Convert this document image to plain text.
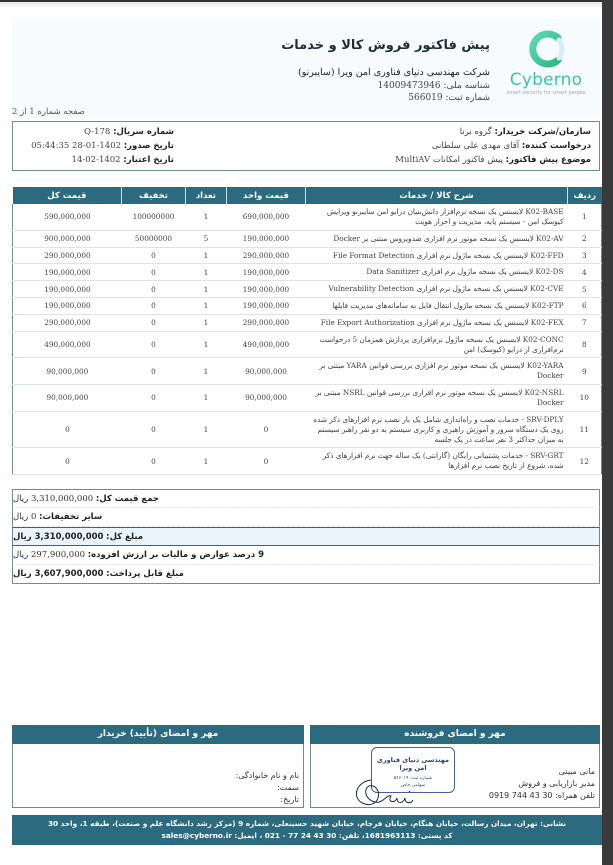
Cyberno
smart security for smart people
پیش فاکتور فروش کالا و خدمات
شرکت مهندسی دنیای فناوری امن ویرا (سایبرنو)
شناسه ملی: 14009473946
شماره ثبت: 566019
صفحه شماره 1 از 2
سازمان/شرکت خریدار: گروه برنا
درخواست کننده: آقای مهدی علی سلطانی
موضوع پیش فاکتور: پیش فاکتور امکانات MultiAV
شماره سریال: Q-178
تاریخ صدور: 1402-01-28 05:44:35
تاریخ اعتبار: 1402-02-14
ردیف	شرح کالا / خدمات	قیمت واحد	تعداد	تخفیف	قیمت کل
1	K02-BASE لایسنس یک نسخه نرم‌افزار دانش‌بنیان درایو امن سایبرنو ویرایش کیوسک امن - سیستم پایه، مدیریت و احراز هویت	690,000,000	1	100000000	590,000,000
2	K02-AV لایسنس یک نسخه موتور نرم افزاری ضدویروس مبتنی بر Docker	190,000,000	5	50000000	900,000,000
3	K02-FFD لایسنس یک نسخه ماژول نرم افزاری File Format Detection	290,000,000	1	0	290,000,000
4	K02-DS لایسنس یک نسخه ماژول نرم افزاری Data Sanitizer	190,000,000	1	0	190,000,000
5	K02-CVE لایسنس یک نسخه ماژول نرم افزاری Vulnerability Detection	190,000,000	1	0	190,000,000
6	K02-FTP لایسنس یک نسخه ماژول انتقال فایل به سامانه‌های مدیریت فایلها	190,000,000	1	0	190,000,000
7	K02-FEX لایسنس یک نسخه ماژول نرم افزاری File Export Authorization	290,000,000	1	0	290,000,000
8	K02-CONC لایسنس یک نسخه ماژول نرم‌افزاری پردازش همزمان 5 درخواست نرم‌افزاری از درایو (کیوسک) امن	490,000,000	1	0	490,000,000
9	K02-YARA لایسنس یک نسخه موتور نرم افزاری بررسی قوانین YARA مبتنی بر Docker	90,000,000	1	0	90,000,000
10	K02-NSRL لایسنس یک نسخه موتور نرم افزاری بررسی قوانین NSRL مبتنی بر Docker	90,000,000	1	0	90,000,000
11	SRV-DPLY - خدمات نصب و راه‌اندازی شامل یک بار نصب نرم افزارهای ذکر شده روی یک دستگاه سرور و آموزش راهبری و کاربری سیستم به دو نفر راهبر سیستم به میزان حداکثر 3 نفر ساعت در یک جلسه	0	1	0	0
12	SRV-GRT - خدمات پشتیبانی رایگان (گارانتی) یک ساله جهت نرم افزارهای ذکر شده، شروع از تاریخ نصب نرم افزارها	0	1	0	0
جمع قیمت کل: 3,310,000,000 ریال
سایر تخفیفات: 0 ریال
مبلغ کل: 3,310,000,000 ریال
9 درصد عوارض و مالیات بر ارزش افزوده: 297,900,000 ریال
مبلغ قابل پرداخت: 3,607,900,000 ریال
مهر و امضای فروشنده
مهندسی دنیای فناوری امن ویرا
شماره ثبت: ۵۶۶۰۱۹
سهامی خاص
مانی مبینی
مدیر بازاریابی و فروش
تلفن همراه: 30 43 744 0919
مهر و امضای (تأیید) خریدار
نام و نام خانوادگی:
سمت:
تاریخ:
نشانی: تهران، میدان رسالت، خیابان هنگام، خیابان فرجام، خیابان شهید حسینعلی، شماره 9 (مرکز رشد دانشگاه علم و صنعت)، طبقه 1، واحد 30
کد پستی: 1681963113، تلفن: 30 43 24 77 - 021 ، ایمیل: sales@cyberno.ir
